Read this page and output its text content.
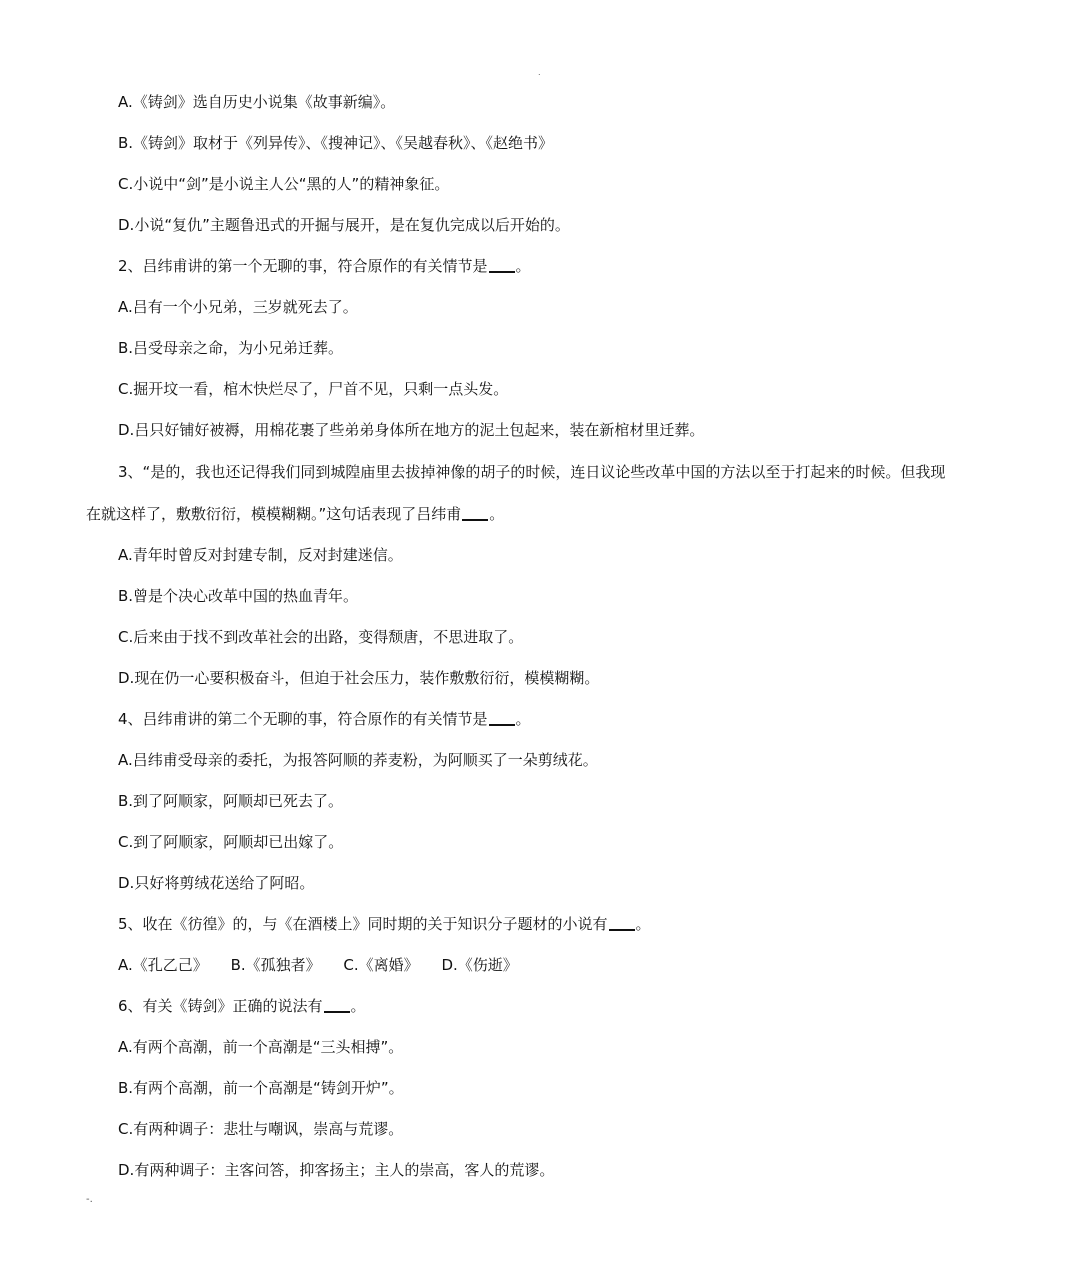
.
A.《铸剑》选自历史小说集《故事新编》。
B.《铸剑》取材于《列异传》、《搜神记》、《吴越春秋》、《赵绝书》
C.小说中“剑”是小说主人公“黑的人”的精神象征。
D.小说“复仇”主题鲁迅式的开掘与展开，是在复仇完成以后开始的。
2、吕纬甫讲的第一个无聊的事，符合原作的有关情节是 。
A.吕有一个小兄弟，三岁就死去了。
B.吕受母亲之命，为小兄弟迁葬。
C.掘开坟一看，棺木快烂尽了，尸首不见，只剩一点头发。
D.吕只好铺好被褥，用棉花裹了些弟弟身体所在地方的泥土包起来，装在新棺材里迁葬。
3、“是的，我也还记得我们同到城隍庙里去拔掉神像的胡子的时候，连日议论些改革中国的方法以至于打起来的时候。但我现
在就这样了，敷敷衍衍，模模糊糊。”这句话表现了吕纬甫 。
A.青年时曾反对封建专制，反对封建迷信。
B.曾是个决心改革中国的热血青年。
C.后来由于找不到改革社会的出路，变得颓唐，不思进取了。
D.现在仍一心要积极奋斗，但迫于社会压力，装作敷敷衍衍，模模糊糊。
4、吕纬甫讲的第二个无聊的事，符合原作的有关情节是 。
A.吕纬甫受母亲的委托，为报答阿顺的荞麦粉，为阿顺买了一朵剪绒花。
B.到了阿顺家，阿顺却已死去了。
C.到了阿顺家，阿顺却已出嫁了。
D.只好将剪绒花送给了阿昭。
5、收在《彷徨》的，与《在酒楼上》同时期的关于知识分子题材的小说有 。
A.《孔乙己》 B.《孤独者》 C.《离婚》 D.《伤逝》
6、有关《铸剑》正确的说法有 。
A.有两个高潮，前一个高潮是“三头相搏”。
B.有两个高潮，前一个高潮是“铸剑开炉”。
C.有两种调子：悲壮与嘲讽，崇高与荒谬。
D.有两种调子：主客问答，抑客扬主；主人的崇高，客人的荒谬。
-.
